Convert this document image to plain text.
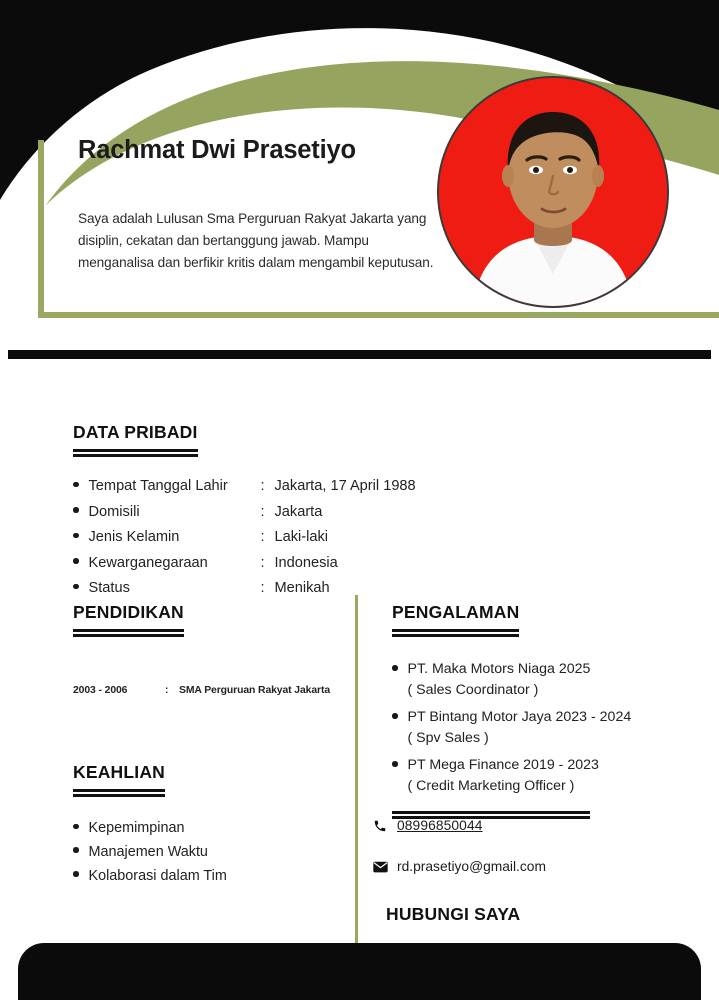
Rachmat Dwi Prasetiyo

Saya adalah Lulusan Sma Perguruan Rakyat Jakarta yang disiplin, cekatan dan bertanggung jawab. Mampu menganalisa dan berfikir kritis dalam mengambil keputusan.

DATA PRIBADI
Tempat Tanggal Lahir	: Jakarta, 17 April 1988
Domisili	: Jakarta
Jenis Kelamin	: Laki-laki
Kewarganegaraan	: Indonesia
Status	: Menikah
PENDIDIKAN
2003 - 2006	:	SMA Perguruan Rakyat Jakarta
KEAHLIAN
Kepemimpinan
Manajemen Waktu
Kolaborasi dalam Tim
PENGALAMAN
PT. Maka Motors Niaga 2025
( Sales Coordinator )
PT Bintang Motor Jaya 2023 - 2024
( Spv Sales )
PT Mega Finance 2019 - 2023
( Credit Marketing Officer )
08996850044
rd.prasetiyo@gmail.com
HUBUNGI SAYA
